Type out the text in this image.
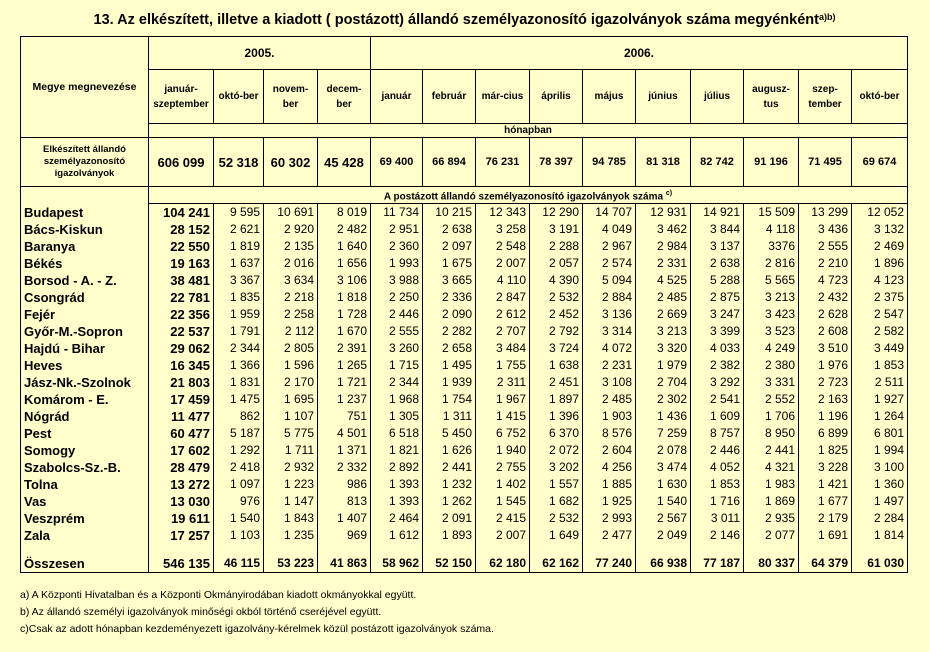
13. Az elkészített, illetve a kiadott ( postázott) állandó személyazonosító igazolványok száma megyénként$^{a)b)}$
Megye megnevezése	2005.				2006.									
	január-szeptember	októ-ber	novem-ber	decem-ber	január	február	már-cius	április	május	június	július	augusz-tus	szep-tember	októ-ber
	hónapban													
Elkészített állandó személyazonosító igazolványok	606 099	52 318	60 302	45 428	69 400	66 894	76 231	78 397	94 785	81 318	82 742	91 196	71 495	69 674
	A postázott állandó személyazonosító igazolványok száma $^{c)}$
Budapest	104 241	9 595	10 691	8 019	11 734	10 215	12 343	12 290	14 707	12 931	14 921	15 509	13 299	12 052
Bács-Kiskun	28 152	2 621	2 920	2 482	2 951	2 638	3 258	3 191	4 049	3 462	3 844	4 118	3 436	3 132
Baranya	22 550	1 819	2 135	1 640	2 360	2 097	2 548	2 288	2 967	2 984	3 137	3376	2 555	2 469
Békés	19 163	1 637	2 016	1 656	1 993	1 675	2 007	2 057	2 574	2 331	2 638	2 816	2 210	1 896
Borsod - A. - Z.	38 481	3 367	3 634	3 106	3 988	3 665	4 110	4 390	5 094	4 525	5 288	5 565	4 723	4 123
Csongrád	22 781	1 835	2 218	1 818	2 250	2 336	2 847	2 532	2 884	2 485	2 875	3 213	2 432	2 375
Fejér	22 356	1 959	2 258	1 728	2 446	2 090	2 612	2 452	3 136	2 669	3 247	3 423	2 628	2 547
Győr-M.-Sopron	22 537	1 791	2 112	1 670	2 555	2 282	2 707	2 792	3 314	3 213	3 399	3 523	2 608	2 582
Hajdú - Bihar	29 062	2 344	2 805	2 391	3 260	2 658	3 484	3 724	4 072	3 320	4 033	4 249	3 510	3 449
Heves	16 345	1 366	1 596	1 265	1 715	1 495	1 755	1 638	2 231	1 979	2 382	2 380	1 976	1 853
Jász-Nk.-Szolnok	21 803	1 831	2 170	1 721	2 344	1 939	2 311	2 451	3 108	2 704	3 292	3 331	2 723	2 511
Komárom - E.	17 459	1 475	1 695	1 237	1 968	1 754	1 967	1 897	2 485	2 302	2 541	2 552	2 163	1 927
Nógrád	11 477	862	1 107	751	1 305	1 311	1 415	1 396	1 903	1 436	1 609	1 706	1 196	1 264
Pest	60 477	5 187	5 775	4 501	6 518	5 450	6 752	6 370	8 576	7 259	8 757	8 950	6 899	6 801
Somogy	17 602	1 292	1 711	1 371	1 821	1 626	1 940	2 072	2 604	2 078	2 446	2 441	1 825	1 994
Szabolcs-Sz.-B.	28 479	2 418	2 932	2 332	2 892	2 441	2 755	3 202	4 256	3 474	4 052	4 321	3 228	3 100
Tolna	13 272	1 097	1 223	986	1 393	1 232	1 402	1 557	1 885	1 630	1 853	1 983	1 421	1 360
Vas	13 030	976	1 147	813	1 393	1 262	1 545	1 682	1 925	1 540	1 716	1 869	1 677	1 497
Veszprém	19 611	1 540	1 843	1 407	2 464	2 091	2 415	2 532	2 993	2 567	3 011	2 935	2 179	2 284
Zala	17 257	1 103	1 235	969	1 612	1 893	2 007	1 649	2 477	2 049	2 146	2 077	1 691	1 814

Összesen	546 135	46 115	53 223	41 863	58 962	52 150	62 180	62 162	77 240	66 938	77 187	80 337	64 379	61 030
a) A Központi Hivatalban és a Központi Okmányirodában kiadott okmányokkal együtt.
b) Az állandó személyi igazolványok minőségi okból történő cseréjével együtt.
c)Csak az adott hónapban kezdeményezett igazolvány-kérelmek közül postázott igazolványok száma.
